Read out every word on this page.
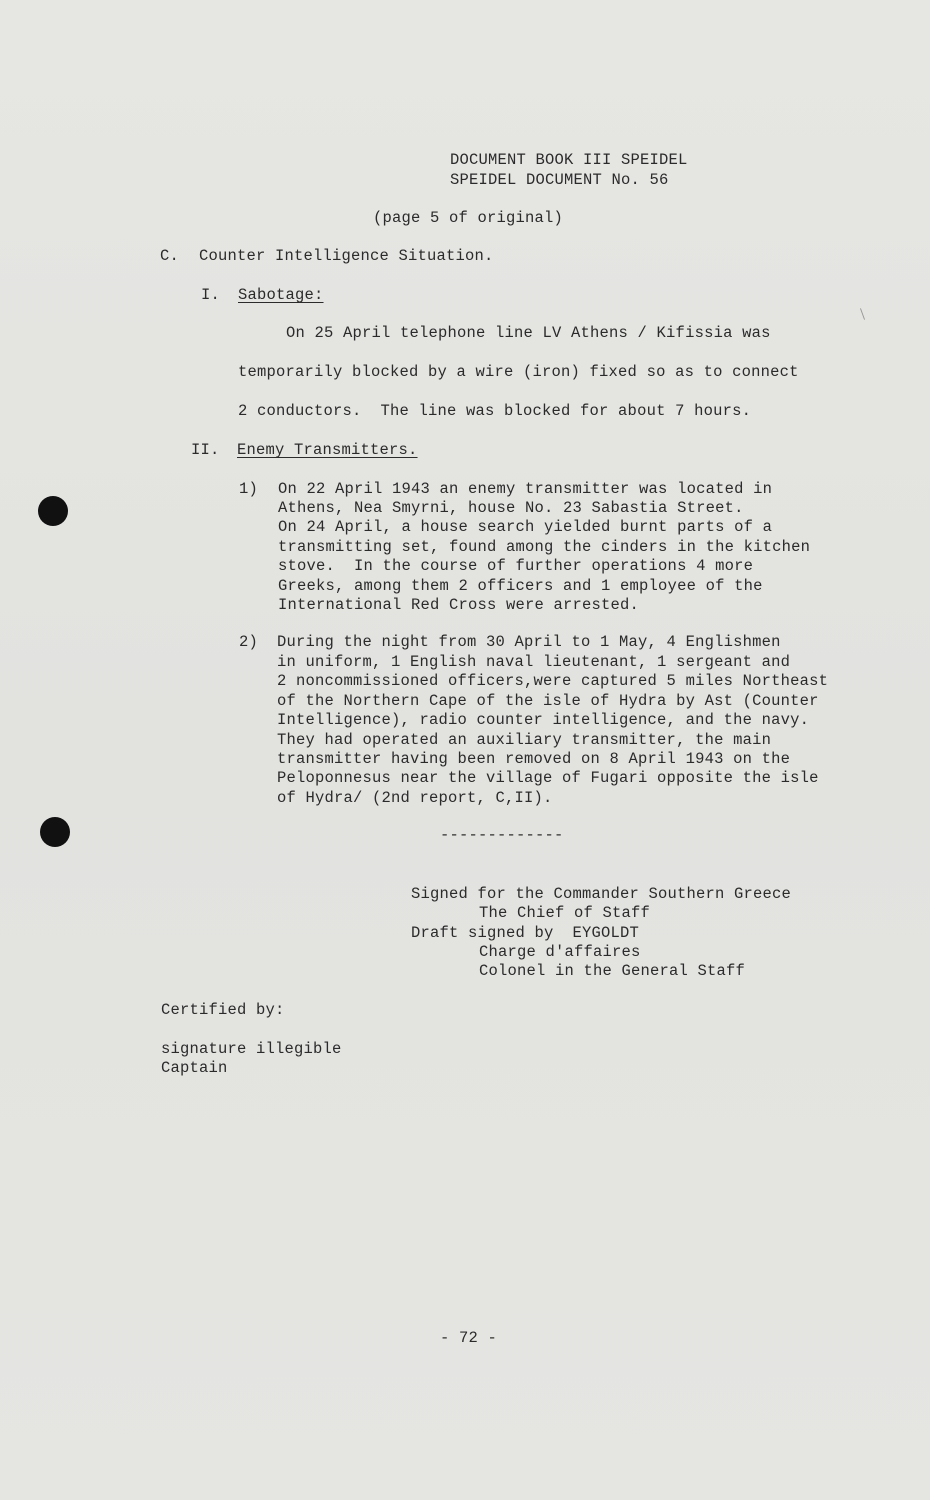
DOCUMENT BOOK III SPEIDEL
SPEIDEL DOCUMENT No. 56
(page 5 of original)
C. Counter Intelligence Situation.
I. Sabotage:
On 25 April telephone line LV Athens / Kifissia was
temporarily blocked by a wire (iron) fixed so as to connect
2 conductors.  The line was blocked for about 7 hours.
II. Enemy Transmitters.
1) On 22 April 1943 an enemy transmitter was located in
Athens, Nea Smyrni, house No. 23 Sabastia Street.
On 24 April, a house search yielded burnt parts of a
transmitting set, found among the cinders in the kitchen
stove.  In the course of further operations 4 more
Greeks, among them 2 officers and 1 employee of the
International Red Cross were arrested.
2) During the night from 30 April to 1 May, 4 Englishmen
in uniform, 1 English naval lieutenant, 1 sergeant and
2 noncommissioned officers,were captured 5 miles Northeast
of the Northern Cape of the isle of Hydra by Ast (Counter
Intelligence), radio counter intelligence, and the navy.
They had operated an auxiliary transmitter, the main
transmitter having been removed on 8 April 1943 on the
Peloponnesus near the village of Fugari opposite the isle
of Hydra/ (2nd report, C,II).
-------------
Signed for the Commander Southern Greece
The Chief of Staff
Draft signed by  EYGOLDT
Charge d'affaires
Colonel in the General Staff
Certified by:
signature illegible
Captain
- 72 -
